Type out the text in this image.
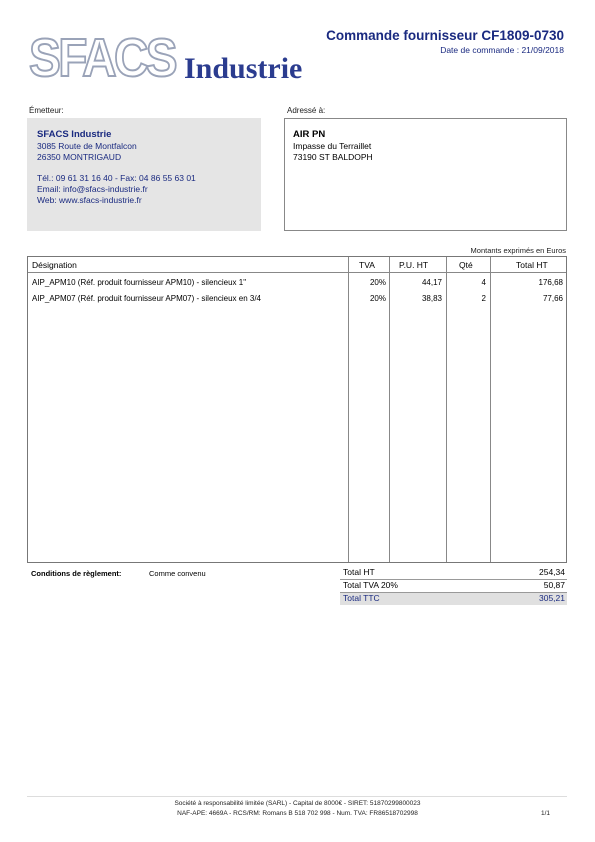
SFACS Industrie
Commande fournisseur CF1809-0730
Date de commande : 21/09/2018
Émetteur:
SFACS Industrie
3085 Route de Montfalcon
26350 MONTRIGAUD
Tél.: 09 61 31 16 40 - Fax: 04 86 55 63 01
Email: info@sfacs-industrie.fr
Web: www.sfacs-industrie.fr
Adressé à:
AIR PN
Impasse du Terraillet
73190 ST BALDOPH
Montants exprimés en Euros
Désignation	TVA	P.U. HT	Qté	Total HT
AIP_APM10 (Réf. produit fournisseur APM10) - silencieux 1"	20%	44,17	4	176,68
AIP_APM07 (Réf. produit fournisseur APM07) - silencieux en 3/4	20%	38,83	2	77,66
Conditions de règlement:	Comme convenu	Total HT	254,34
Total TVA 20%	50,87
Total TTC	305,21
Société à responsabilité limitée (SARL) - Capital de 8000€ - SIRET: 51870299800023
NAF-APE: 4669A - RCS/RM: Romans B 518 702 998 - Num. TVA: FR86518702998	1/1
